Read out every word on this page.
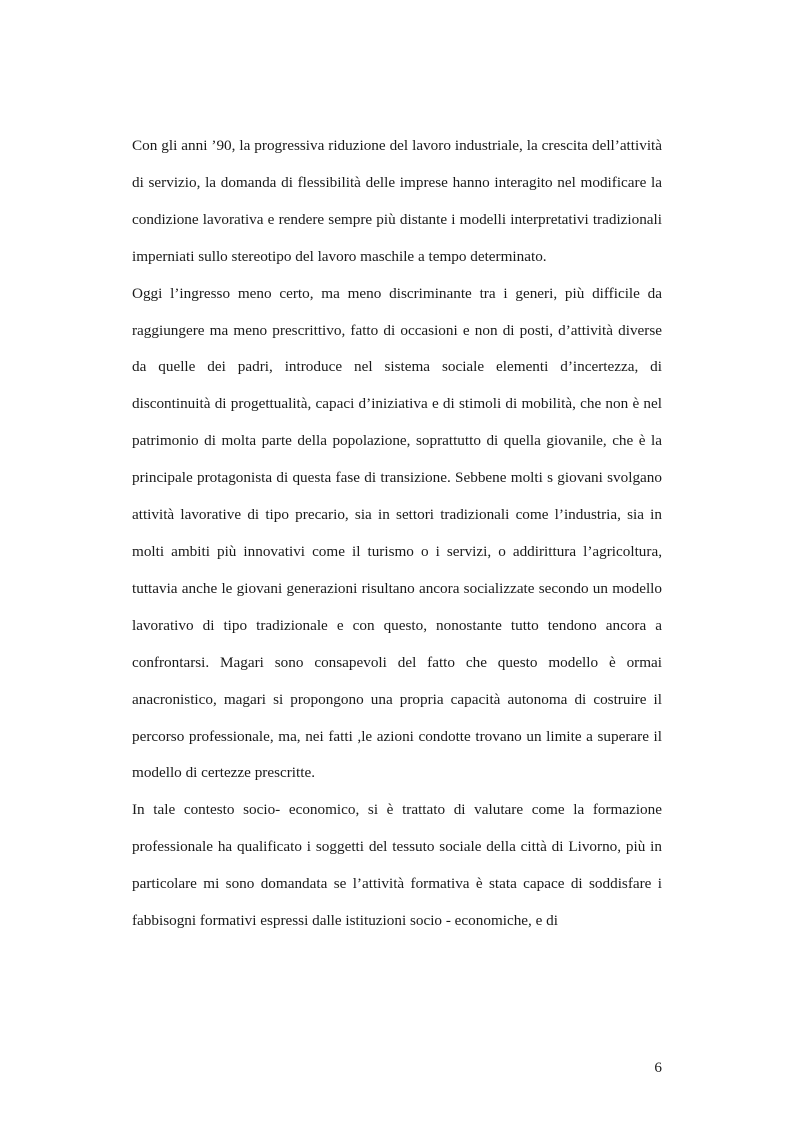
Con gli anni ’90, la progressiva riduzione del lavoro industriale, la crescita dell’attività di servizio, la domanda di flessibilità delle imprese hanno interagito nel modificare la condizione lavorativa e rendere sempre più distante i modelli interpretativi tradizionali imperniati sullo stereotipo del lavoro maschile a tempo determinato.

Oggi l’ingresso meno certo, ma meno discriminante tra i generi, più difficile da raggiungere ma meno prescrittivo, fatto di occasioni e non di posti, d’attività diverse da quelle dei padri, introduce nel sistema sociale elementi d’incertezza, di discontinuità di progettualità, capaci d’iniziativa e di stimoli di mobilità, che non è nel patrimonio di molta parte della popolazione, soprattutto di quella giovanile, che è la principale protagonista di questa fase di transizione. Sebbene molti s giovani svolgano attività lavorative di tipo precario, sia in settori tradizionali come l’industria, sia in molti ambiti più innovativi come il turismo o i servizi, o addirittura l’agricoltura, tuttavia anche le giovani generazioni risultano ancora socializzate secondo un modello lavorativo di tipo tradizionale e con questo, nonostante tutto tendono ancora a confrontarsi. Magari sono consapevoli del fatto che questo modello è ormai anacronistico, magari si propongono una propria capacità autonoma di costruire il percorso professionale, ma, nei fatti ,le azioni condotte trovano un limite a superare il modello di certezze prescritte.

In tale contesto socio- economico, si è trattato di valutare come la formazione professionale ha qualificato i soggetti del tessuto sociale della città di Livorno, più in particolare mi sono domandata se l’attività formativa è stata capace di soddisfare i fabbisogni formativi espressi dalle istituzioni socio - economiche, e di

6
